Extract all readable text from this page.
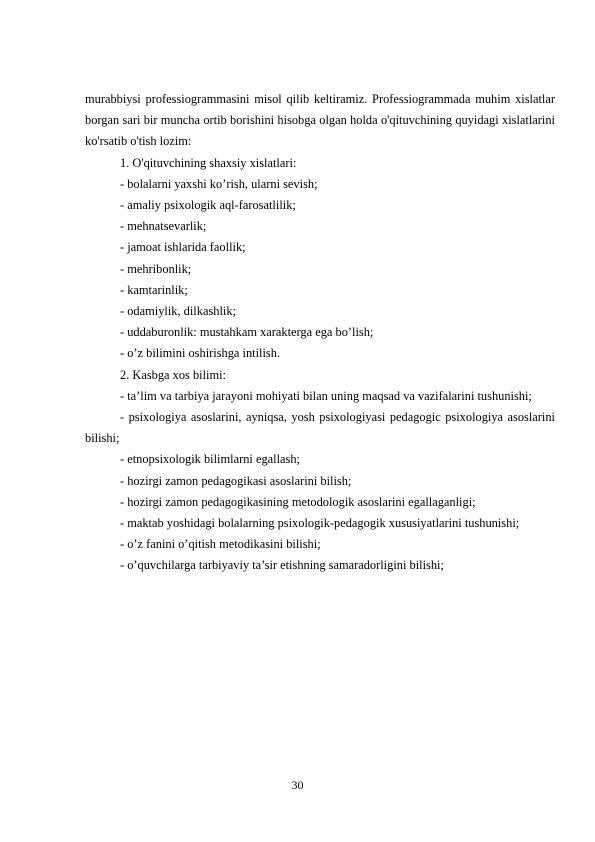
murabbiysi professiogrammasini misol qilib keltiramiz. Professiogrammada muhim xislatlar borgan sari bir muncha ortib borishini hisobga olgan holda o'qituvchining quyidagi xislatlarini ko'rsatib o'tish lozim:

1. O'qituvchining shaxsiy xislatlari:

- bolalarni yaxshi ko’rish, ularni sevish;

- amaliy psixologik aql-farosatlilik;

- mehnatsevarlik;

- jamoat ishlarida faollik;

- mehribonlik;

- kamtarinlik;

- odamiylik, dilkashlik;

- uddaburonlik: mustahkam xarakterga ega bo’lish;

- o’z bilimini oshirishga intilish.

2. Kasbga xos bilimi:

- ta’lim va tarbiya jarayoni mohiyati bilan uning maqsad va vazifalarini tushunishi;

- psixologiya asoslarini, ayniqsa, yosh psixologiyasi pedagogic psixologiya asoslarini bilishi;

- etnopsixologik bilimlarni egallash;

- hozirgi zamon pedagogikasi asoslarini bilish;

- hozirgi zamon pedagogikasining metodologik asoslarini egallaganligi;

- maktab yoshidagi bolalarning psixologik-pedagogik xususiyatlarini tushunishi;

- o’z fanini o’qitish metodikasini bilishi;

- o’quvchilarga tarbiyaviy ta’sir etishning samaradorligini bilishi;

30
